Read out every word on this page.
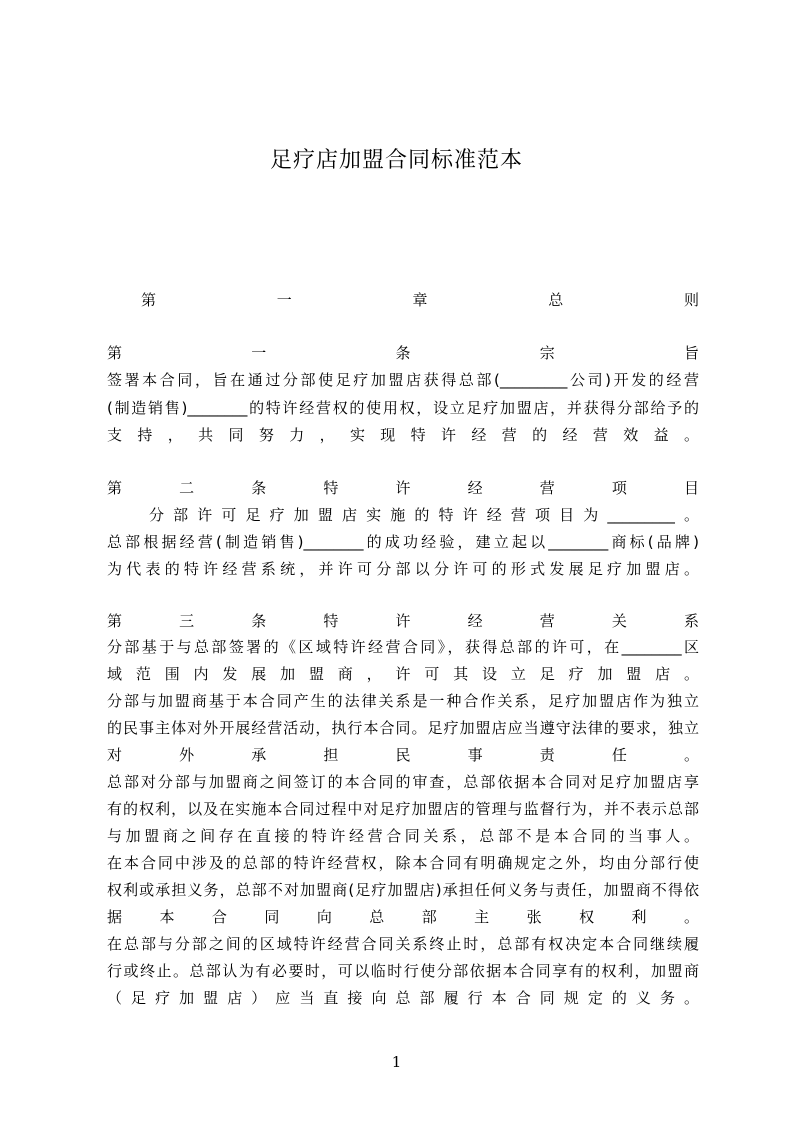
足疗店加盟合同标准范本
第　　　一　　　章　　　总　　　则
第　　　一　　　条　　　宗　　　旨
签署本合同，旨在通过分部使足疗加盟店获得总部(_________公司)开发的经营
(制造销售)________的特许经营权的使用权，设立足疗加盟店，并获得分部给予的
支持，共同努力，实现特许经营的经营效益。
第　二　条　特　许　经　营　项　目
分部许可足疗加盟店实施的特许经营项目为_________。
总部根据经营(制造销售)________的成功经验，建立起以________商标(品牌)
为代表的特许经营系统，并许可分部以分许可的形式发展足疗加盟店。
第　三　条　特　许　经　营　关　系
分部基于与总部签署的《区域特许经营合同》，获得总部的许可，在________区
域范围内发展加盟商，许可其设立足疗加盟店。
分部与加盟商基于本合同产生的法律关系是一种合作关系，足疗加盟店作为独立
的民事主体对外开展经营活动，执行本合同。足疗加盟店应当遵守法律的要求，独立
对　外　承　担　民　事　责　任　。
总部对分部与加盟商之间签订的本合同的审查，总部依据本合同对足疗加盟店享
有的权利，以及在实施本合同过程中对足疗加盟店的管理与监督行为，并不表示总部
与加盟商之间存在直接的特许经营合同关系，总部不是本合同的当事人。
在本合同中涉及的总部的特许经营权，除本合同有明确规定之外，均由分部行使
权利或承担义务，总部不对加盟商(足疗加盟店)承担任何义务与责任，加盟商不得依
据　本　合　同　向　总　部　主　张　权　利　。
在总部与分部之间的区域特许经营合同关系终止时，总部有权决定本合同继续履
行或终止。总部认为有必要时，可以临时行使分部依据本合同享有的权利，加盟商
（足疗加盟店）应当直接向总部履行本合同规定的义务。
1
